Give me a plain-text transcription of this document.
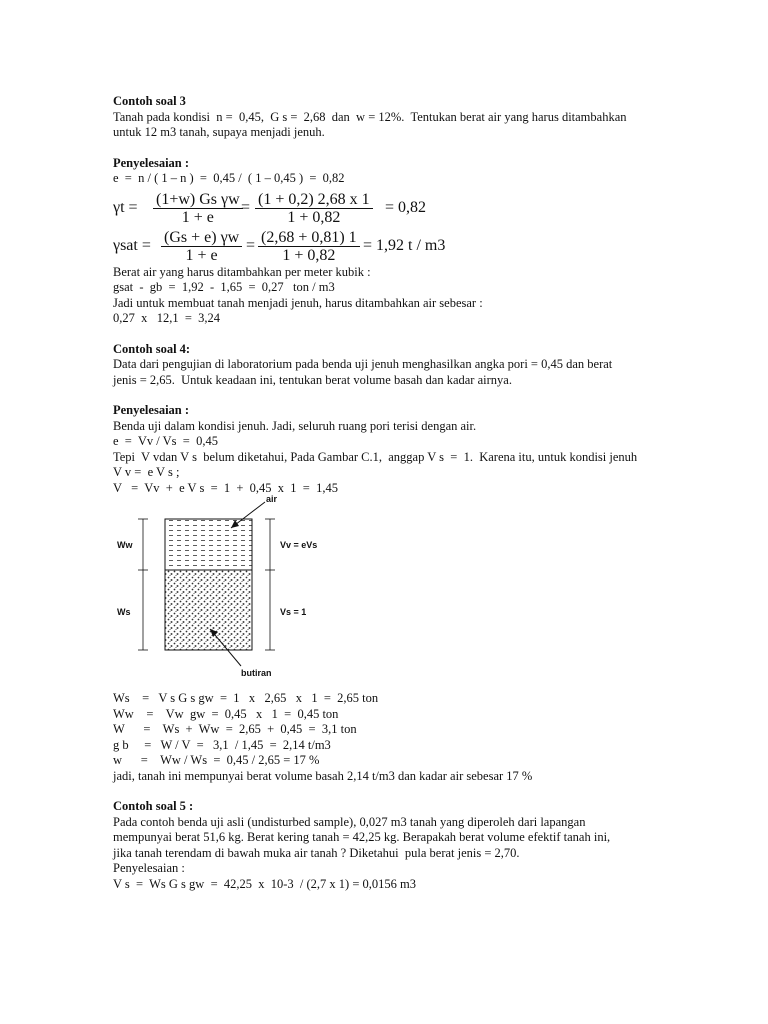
Contoh soal 3
Tanah pada kondisi  n =  0,45,  G s =  2,68  dan  w = 12%.  Tentukan berat air yang harus ditambahkan
untuk 12 m3 tanah, supaya menjadi jenuh.
Penyelesaian :
e  =  n / ( 1 – n )  =  0,45 /  ( 1 – 0,45 )  =  0,82
$\gamma t = \frac{\text{(1+w) Gs γw}}{1 + e}$
= $\frac{(1 + 0,2) 2,68 x 1}{1 + 0,82} = 0,82$
$\gamma sat = \frac{(Gs + e) \gamma w}{1 + e} = \frac{(2,68 + 0,81) 1}{1 + 0,82} = 1,92$ t / m3
Berat air yang harus ditambahkan per meter kubik :
gsat  -  gb  =  1,92  -  1,65  =  0,27   ton / m3
Jadi untuk membuat tanah menjadi jenuh, harus ditambahkan air sebesar :
0,27  x   12,1  =  3,24
Contoh soal 4:
Data dari pengujian di laboratorium pada benda uji jenuh menghasilkan angka pori = 0,45 dan berat
jenis = 2,65.  Untuk keadaan ini, tentukan berat volume basah dan kadar airnya.
Penyelesaian :
Benda uji dalam kondisi jenuh. Jadi, seluruh ruang pori terisi dengan air.
e  =  Vv / Vs  =  0,45
Tepi  V vdan V s  belum diketahui, Pada Gambar C.1,  anggap V s  =  1.  Karena itu, untuk kondisi jenuh
V v =  e V s ;
V   =  Vv  +  e V s  =  1  +  0,45  x  1  =  1,45
air
Ww
Ws
Vv = eVs
Vs = 1
butiran
Ws    =   V s G s gw  =  1   x   2,65   x   1  =  2,65 ton
Ww    =    Vw  gw  =  0,45   x   1  =  0,45 ton
W      =    Ws  +  Ww  =  2,65  +  0,45  =  3,1 ton
g b     =   W / V  =   3,1  / 1,45  =  2,14 t/m3
w      =    Ww / Ws  =  0,45 / 2,65 = 17 %
jadi, tanah ini mempunyai berat volume basah 2,14 t/m3 dan kadar air sebesar 17 %
Contoh soal 5 :
Pada contoh benda uji asli (undisturbed sample), 0,027 m3 tanah yang diperoleh dari lapangan
mempunyai berat 51,6 kg. Berat kering tanah = 42,25 kg. Berapakah berat volume efektif tanah ini,
jika tanah terendam di bawah muka air tanah ? Diketahui  pula berat jenis = 2,70.
Penyelesaian :
V s  =  Ws G s gw  =  42,25  x  10-3  / (2,7 x 1) = 0,0156 m3
